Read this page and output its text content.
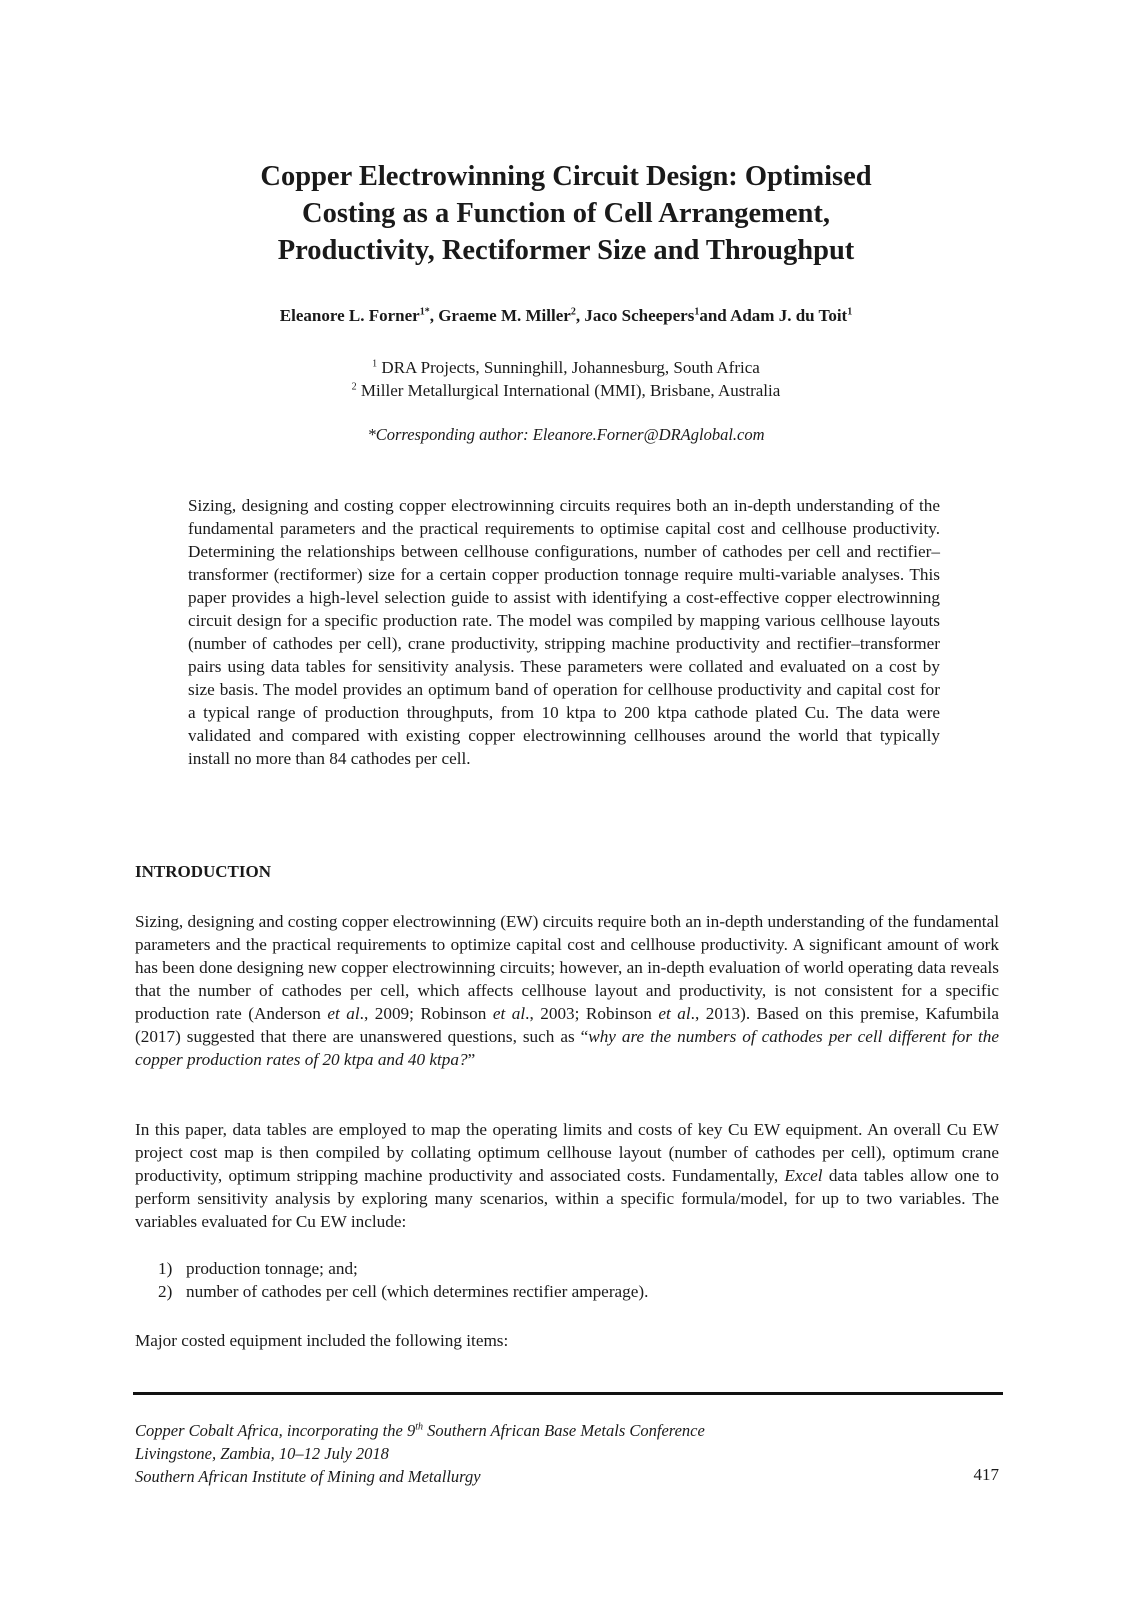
Copper Electrowinning Circuit Design: Optimised
Costing as a Function of Cell Arrangement,
Productivity, Rectiformer Size and Throughput
Eleanore L. Forner$^{1*}$, Graeme M. Miller$^2$, Jaco Scheepers$^1$and Adam J. du Toit$^1$
$^1$ DRA Projects, Sunninghill, Johannesburg, South Africa
$^2$ Miller Metallurgical International (MMI), Brisbane, Australia
*Corresponding author: Eleanore.Forner@DRAglobal.com

Sizing, designing and costing copper electrowinning circuits requires both an in-depth understanding of the fundamental parameters and the practical requirements to optimise capital cost and cellhouse productivity. Determining the relationships between cellhouse configurations, number of cathodes per cell and rectifier–transformer (rectiformer) size for a certain copper production tonnage require multi-variable analyses. This paper provides a high-level selection guide to assist with identifying a cost-effective copper electrowinning circuit design for a specific production rate. The model was compiled by mapping various cellhouse layouts (number of cathodes per cell), crane productivity, stripping machine productivity and rectifier–transformer pairs using data tables for sensitivity analysis. These parameters were collated and evaluated on a cost by size basis. The model provides an optimum band of operation for cellhouse productivity and capital cost for a typical range of production throughputs, from 10 ktpa to 200 ktpa cathode plated Cu. The data were validated and compared with existing copper electrowinning cellhouses around the world that typically install no more than 84 cathodes per cell.

INTRODUCTION

Sizing, designing and costing copper electrowinning (EW) circuits require both an in-depth understanding of the fundamental parameters and the practical requirements to optimize capital cost and cellhouse productivity. A significant amount of work has been done designing new copper electrowinning circuits; however, an in-depth evaluation of world operating data reveals that the number of cathodes per cell, which affects cellhouse layout and productivity, is not consistent for a specific production rate (Anderson et al., 2009; Robinson et al., 2003; Robinson et al., 2013). Based on this premise, Kafumbila (2017) suggested that there are unanswered questions, such as “why are the numbers of cathodes per cell different for the copper production rates of 20 ktpa and 40 ktpa?”

In this paper, data tables are employed to map the operating limits and costs of key Cu EW equipment. An overall Cu EW project cost map is then compiled by collating optimum cellhouse layout (number of cathodes per cell), optimum crane productivity, optimum stripping machine productivity and associated costs. Fundamentally, Excel data tables allow one to perform sensitivity analysis by exploring many scenarios, within a specific formula/model, for up to two variables. The variables evaluated for Cu EW include:

1) production tonnage; and;
2) number of cathodes per cell (which determines rectifier amperage).

Major costed equipment included the following items:

Copper Cobalt Africa, incorporating the 9th Southern African Base Metals Conference
Livingstone, Zambia, 10–12 July 2018
Southern African Institute of Mining and Metallurgy	417
